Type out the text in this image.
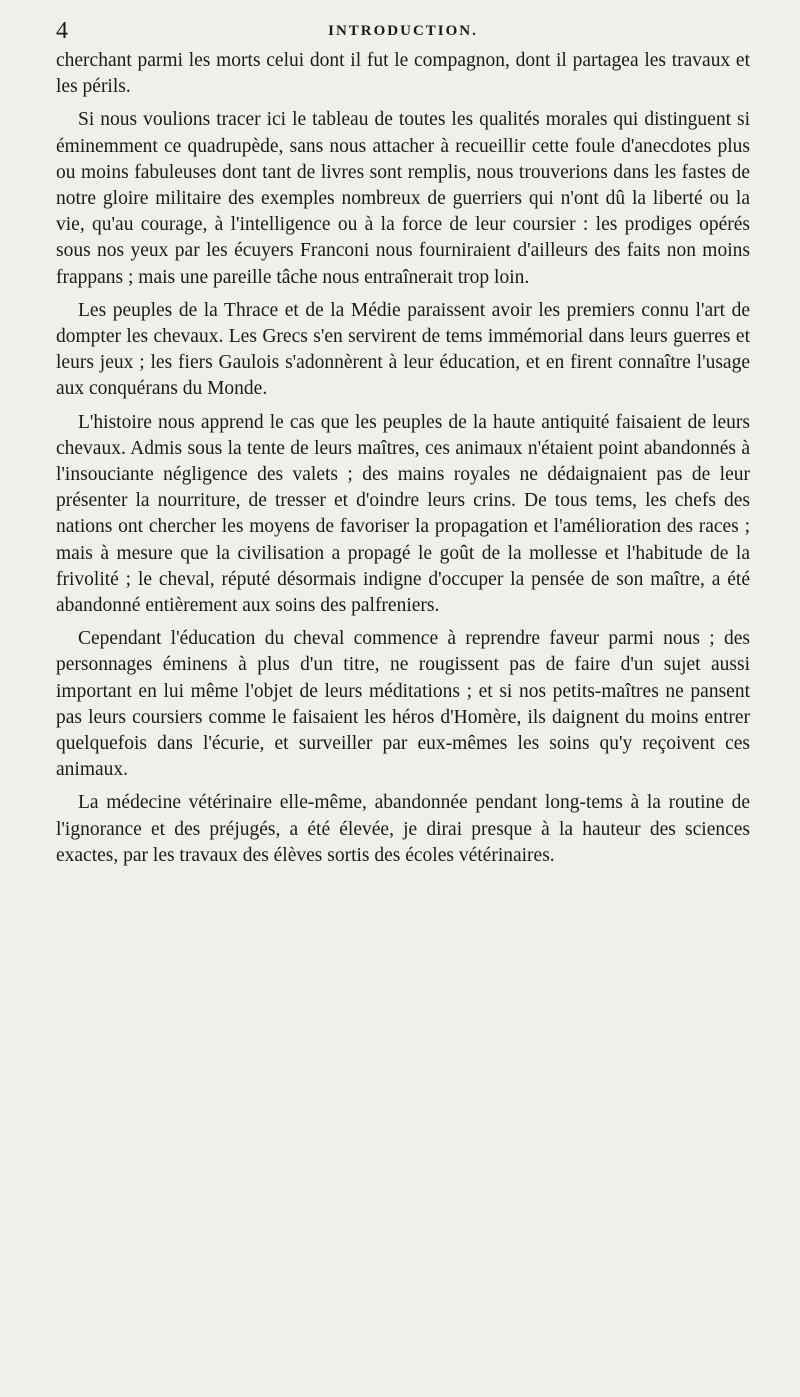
4	INTRODUCTION.

cherchant parmi les morts celui dont il fut le compagnon, dont il partagea les travaux et les périls.

Si nous voulions tracer ici le tableau de toutes les qualités morales qui distinguent si éminemment ce quadrupède, sans nous attacher à recueillir cette foule d'anecdotes plus ou moins fabuleuses dont tant de livres sont remplis, nous trouverions dans les fastes de notre gloire militaire des exemples nombreux de guerriers qui n'ont dû la liberté ou la vie, qu'au courage, à l'intelligence ou à la force de leur coursier : les prodiges opérés sous nos yeux par les écuyers Franconi nous fourniraient d'ailleurs des faits non moins frappans ; mais une pareille tâche nous entraînerait trop loin.

Les peuples de la Thrace et de la Médie paraissent avoir les premiers connu l'art de dompter les chevaux. Les Grecs s'en servirent de tems immémorial dans leurs guerres et leurs jeux ; les fiers Gaulois s'adonnèrent à leur éducation, et en firent connaître l'usage aux conquérans du Monde.

L'histoire nous apprend le cas que les peuples de la haute antiquité faisaient de leurs chevaux. Admis sous la tente de leurs maîtres, ces animaux n'étaient point abandonnés à l'insouciante négligence des valets ; des mains royales ne dédaignaient pas de leur présenter la nourriture, de tresser et d'oindre leurs crins. De tous tems, les chefs des nations ont chercher les moyens de favoriser la propagation et l'amélioration des races ; mais à mesure que la civilisation a propagé le goût de la mollesse et l'habitude de la frivolité ; le cheval, réputé désormais indigne d'occuper la pensée de son maître, a été abandonné entièrement aux soins des palfreniers.

Cependant l'éducation du cheval commence à reprendre faveur parmi nous ; des personnages éminens à plus d'un titre, ne rougissent pas de faire d'un sujet aussi important en lui même l'objet de leurs méditations ; et si nos petits-maîtres ne pansent pas leurs coursiers comme le faisaient les héros d'Homère, ils daignent du moins entrer quelquefois dans l'écurie, et surveiller par eux-mêmes les soins qu'y reçoivent ces animaux.

La médecine vétérinaire elle-même, abandonnée pendant long-tems à la routine de l'ignorance et des préjugés, a été élevée, je dirai presque à la hauteur des sciences exactes, par les travaux des élèves sortis des écoles vétérinaires.
